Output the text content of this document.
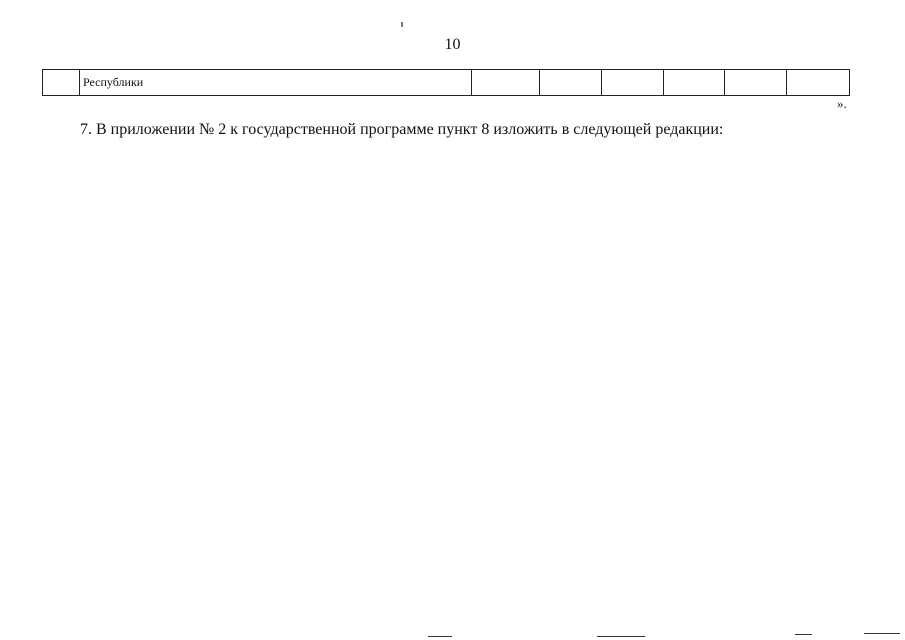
10
	Республики						
».
7. В приложении № 2 к государственной программе пункт 8 изложить в следующей редакции:
